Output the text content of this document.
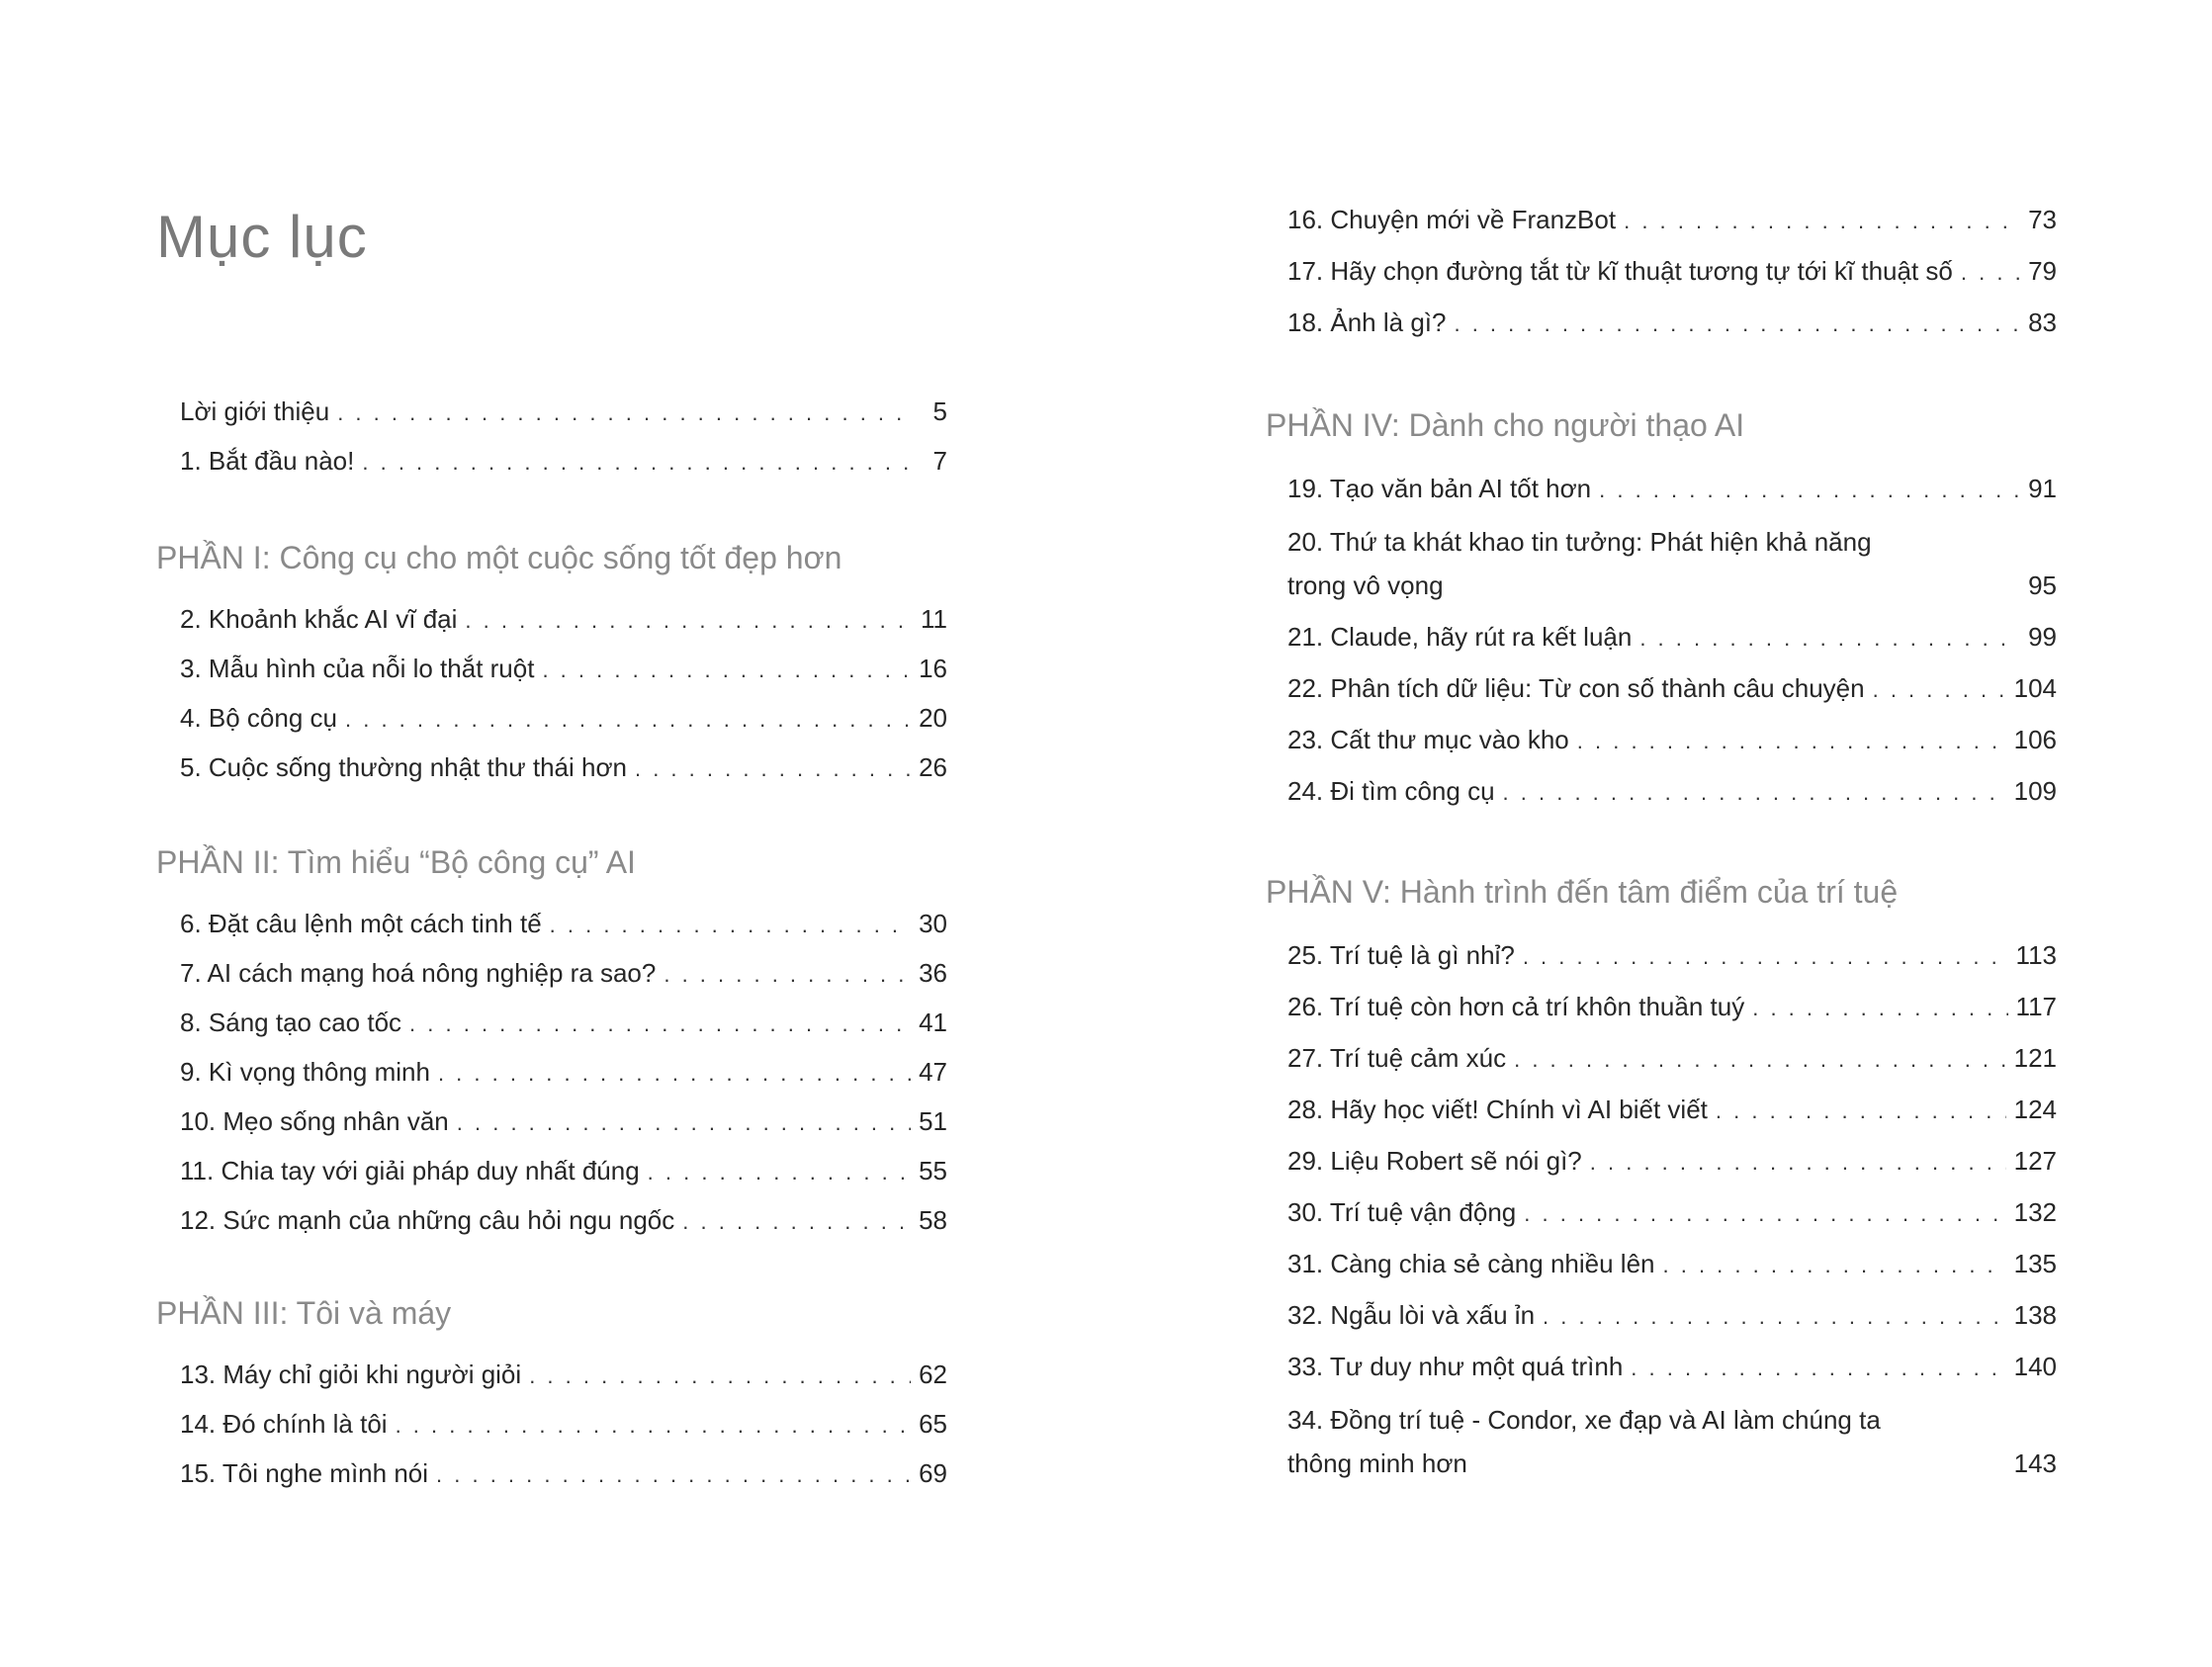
Mục lục
Lời giới thiệu . . .	5
1. Bắt đầu nào! . . .	7
PHẦN I: Công cụ cho một cuộc sống tốt đẹp hơn
2. Khoảnh khắc AI vĩ đại . . .	11
3. Mẫu hình của nỗi lo thắt ruột . . .	16
4. Bộ công cụ . . .	20
5. Cuộc sống thường nhật thư thái hơn . . .	26
PHẦN II: Tìm hiểu “Bộ công cụ” AI
6. Đặt câu lệnh một cách tinh tế . . .	30
7. AI cách mạng hoá nông nghiệp ra sao? . . .	36
8. Sáng tạo cao tốc . . .	41
9. Kì vọng thông minh . . .	47
10. Mẹo sống nhân văn . . .	51
11. Chia tay với giải pháp duy nhất đúng . . .	55
12. Sức mạnh của những câu hỏi ngu ngốc . . .	58
PHẦN III: Tôi và máy
13. Máy chỉ giỏi khi người giỏi . . .	62
14. Đó chính là tôi . . .	65
15. Tôi nghe mình nói . . .	69
16. Chuyện mới về FranzBot . . .	73
17. Hãy chọn đường tắt từ kĩ thuật tương tự tới kĩ thuật số . . .	79
18. Ảnh là gì? . . .	83
PHẦN IV: Dành cho người thạo AI
19. Tạo văn bản AI tốt hơn . . .	91
20. Thứ ta khát khao tin tưởng: Phát hiện khả năng
trong vô vọng	95
21. Claude, hãy rút ra kết luận . . .	99
22. Phân tích dữ liệu: Từ con số thành câu chuyện . . .	104
23. Cất thư mục vào kho . . .	106
24. Đi tìm công cụ . . .	109
PHẦN V: Hành trình đến tâm điểm của trí tuệ
25. Trí tuệ là gì nhỉ? . . .	113
26. Trí tuệ còn hơn cả trí khôn thuần tuý . . .	117
27. Trí tuệ cảm xúc . . .	121
28. Hãy học viết! Chính vì AI biết viết . . .	124
29. Liệu Robert sẽ nói gì? . . .	127
30. Trí tuệ vận động . . .	132
31. Càng chia sẻ càng nhiều lên . . .	135
32. Ngẫu lòi và xấu ỉn . . .	138
33. Tư duy như một quá trình . . .	140
34. Đồng trí tuệ - Condor, xe đạp và AI làm chúng ta
thông minh hơn	143
